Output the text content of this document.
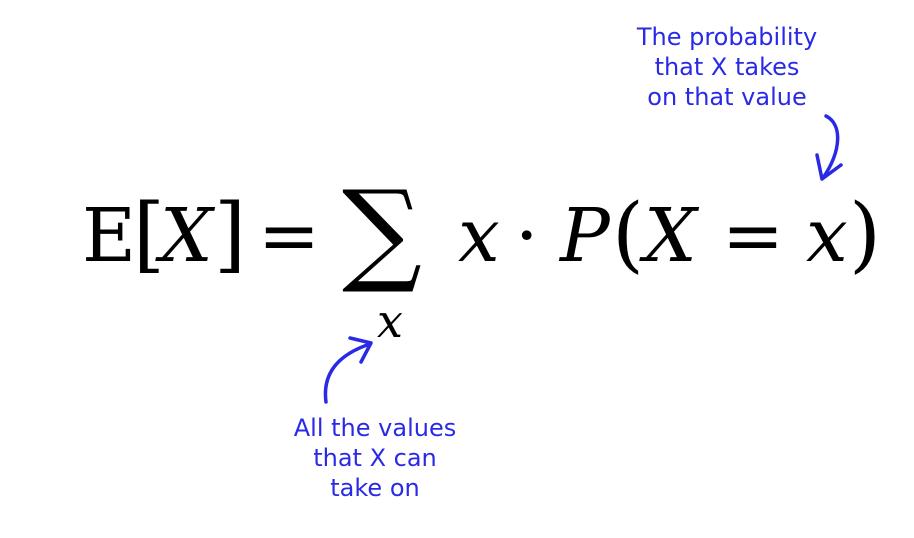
E
[
X ] = ∑
x
x · P ( X = x )
The probability
that X takes
on that value
All the values
that X can
take on
